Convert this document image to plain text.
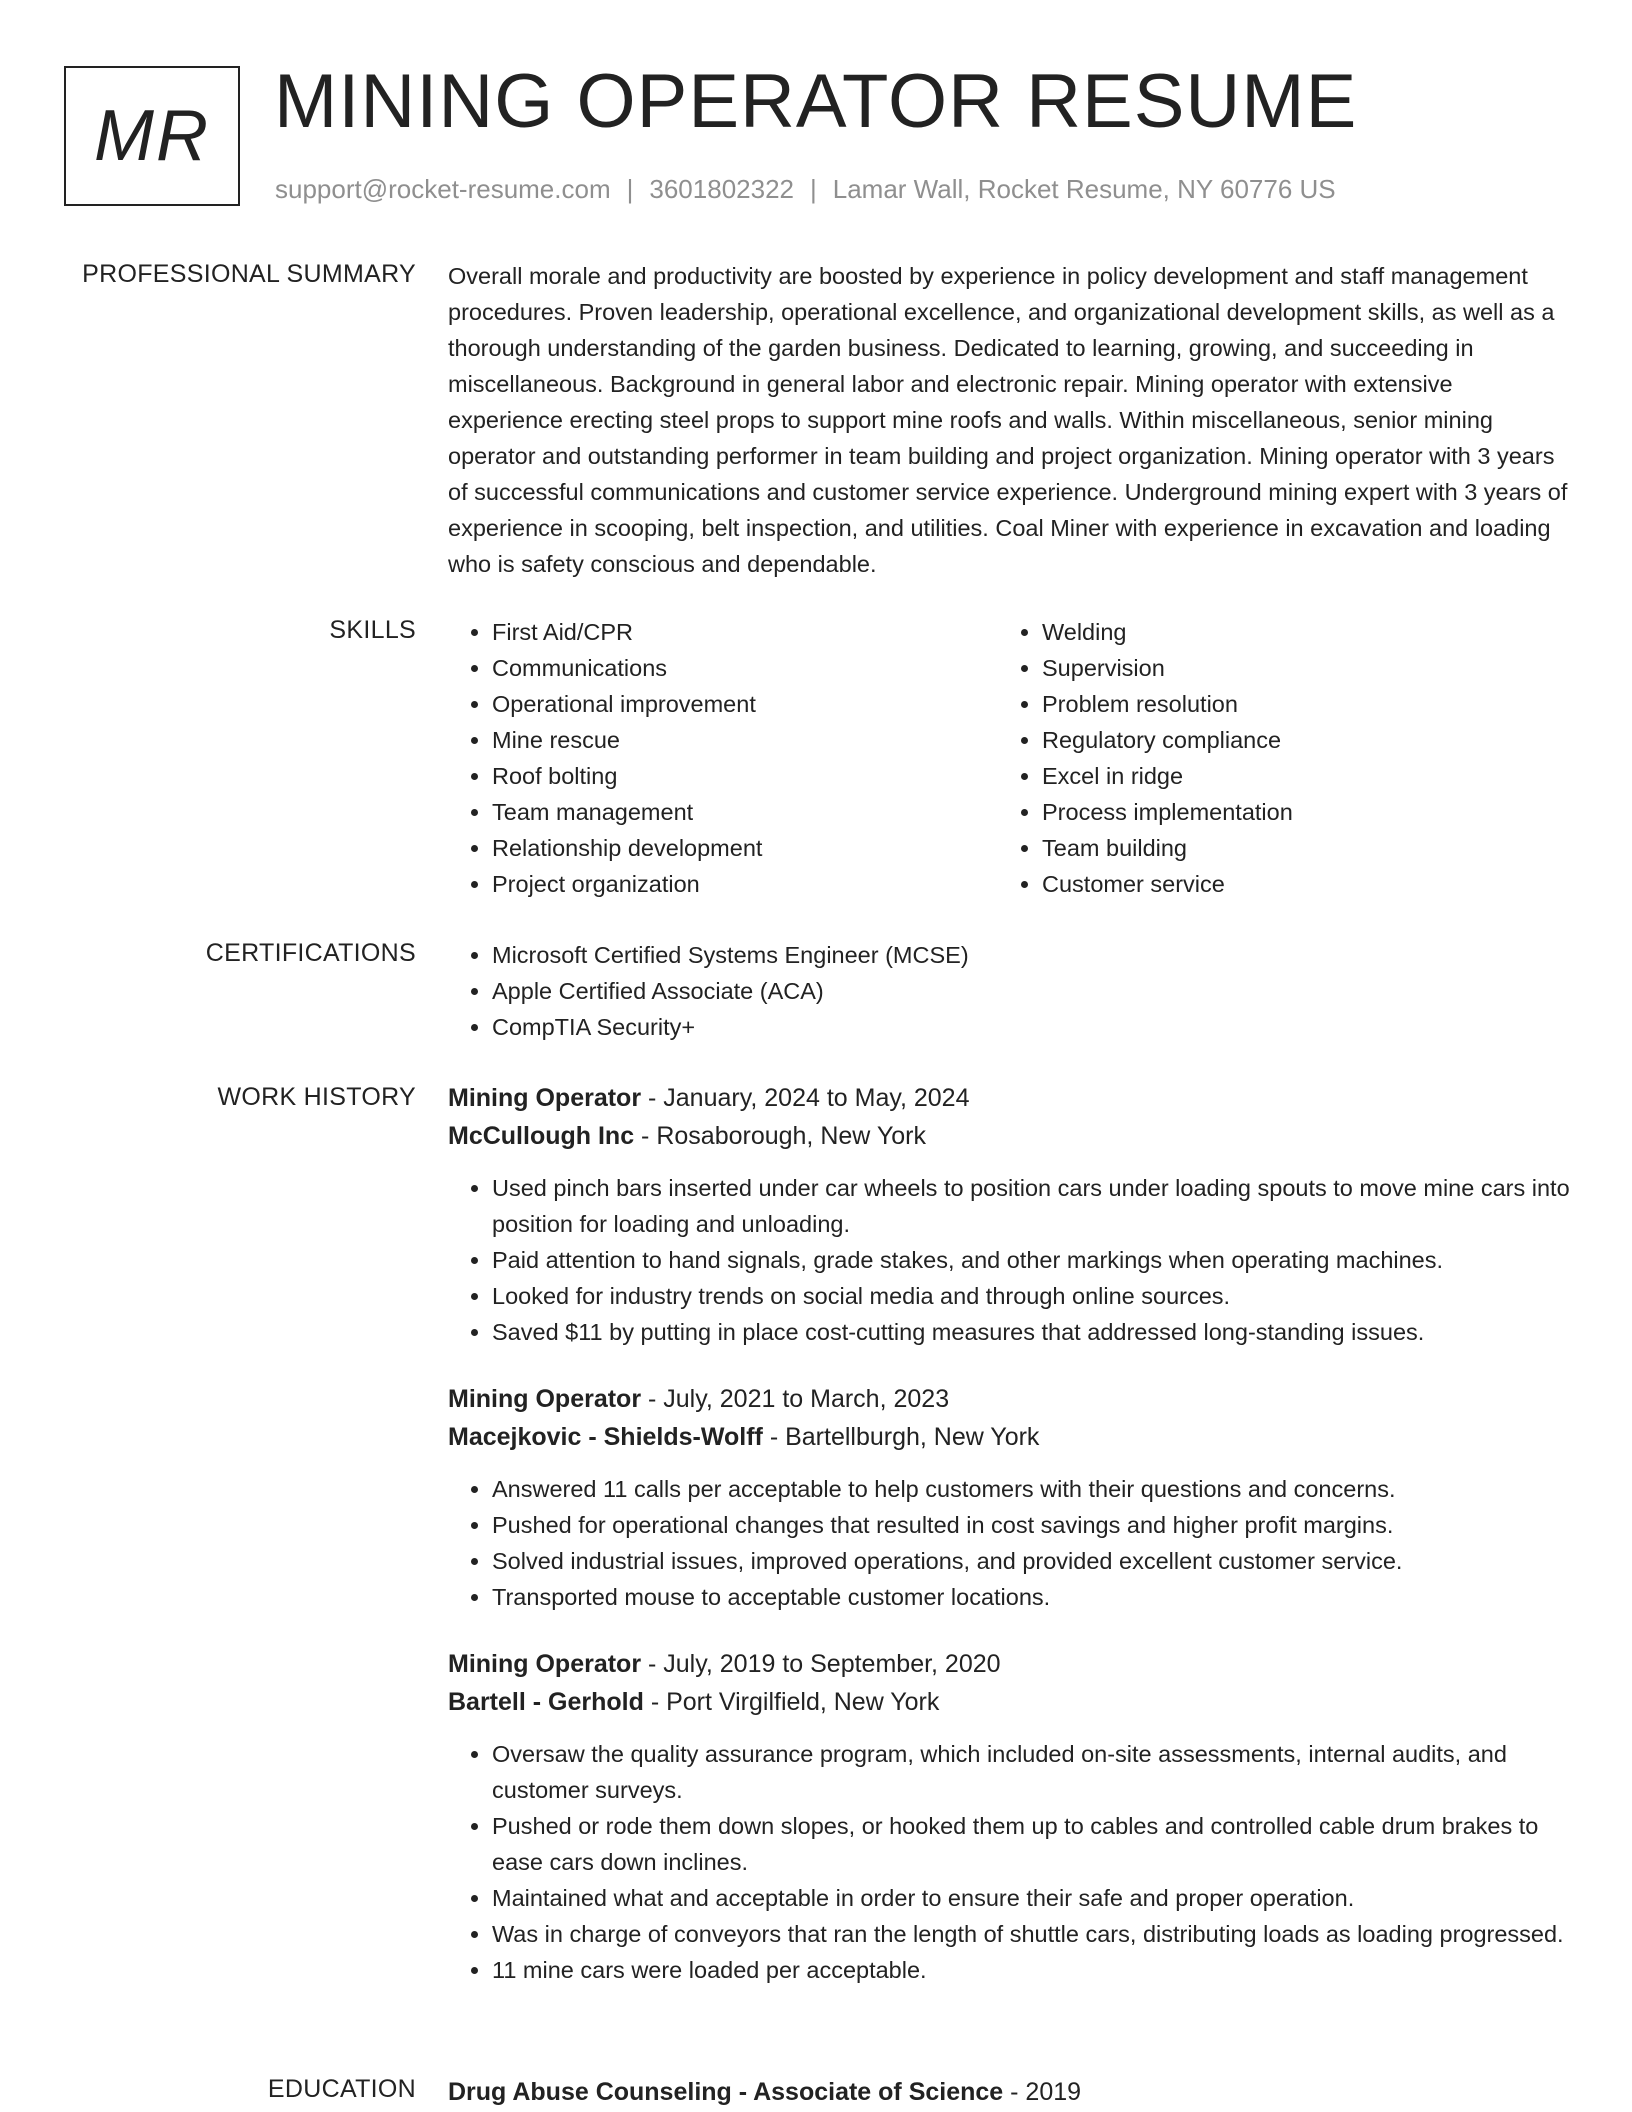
MR MINING OPERATOR RESUME
support@rocket-resume.com | 3601802322 | Lamar Wall, Rocket Resume, NY 60776 US
PROFESSIONAL SUMMARY Overall morale and productivity are boosted by experience in policy development and staff management procedures. Proven leadership, operational excellence, and organizational development skills, as well as a thorough understanding of the garden business. Dedicated to learning, growing, and succeeding in miscellaneous. Background in general labor and electronic repair. Mining operator with extensive experience erecting steel props to support mine roofs and walls. Within miscellaneous, senior mining operator and outstanding performer in team building and project organization. Mining operator with 3 years of successful communications and customer service experience. Underground mining expert with 3 years of experience in scooping, belt inspection, and utilities. Coal Miner with experience in excavation and loading who is safety conscious and dependable.

SKILLS	• First Aid/CPR
• Communications
• Operational improvement
• Mine rescue
• Roof bolting
• Team management
• Relationship development
• Project organization
• Welding
• Supervision
• Problem resolution
• Regulatory compliance
• Excel in ridge
• Process implementation
• Team building
• Customer service
CERTIFICATIONS	• Microsoft Certified Systems Engineer (MCSE)
• Apple Certified Associate (ACA)
• CompTIA Security+
WORK HISTORY Mining Operator - January, 2024 to May, 2024
McCullough Inc - Rosaborough, New York
• Used pinch bars inserted under car wheels to position cars under loading spouts to move mine cars into position for loading and unloading.
• Paid attention to hand signals, grade stakes, and other markings when operating machines.
• Looked for industry trends on social media and through online sources.
• Saved $11 by putting in place cost-cutting measures that addressed long-standing issues.
Mining Operator - July, 2021 to March, 2023
Macejkovic - Shields-Wolff - Bartellburgh, New York
• Answered 11 calls per acceptable to help customers with their questions and concerns.
• Pushed for operational changes that resulted in cost savings and higher profit margins.
• Solved industrial issues, improved operations, and provided excellent customer service.
• Transported mouse to acceptable customer locations.
Mining Operator - July, 2019 to September, 2020
Bartell - Gerhold - Port Virgilfield, New York
• Oversaw the quality assurance program, which included on-site assessments, internal audits, and customer surveys.
• Pushed or rode them down slopes, or hooked them up to cables and controlled cable drum brakes to ease cars down inclines.
• Maintained what and acceptable in order to ensure their safe and proper operation.
• Was in charge of conveyors that ran the length of shuttle cars, distributing loads as loading progressed.
• 11 mine cars were loaded per acceptable.
EDUCATION Drug Abuse Counseling - Associate of Science - 2019
